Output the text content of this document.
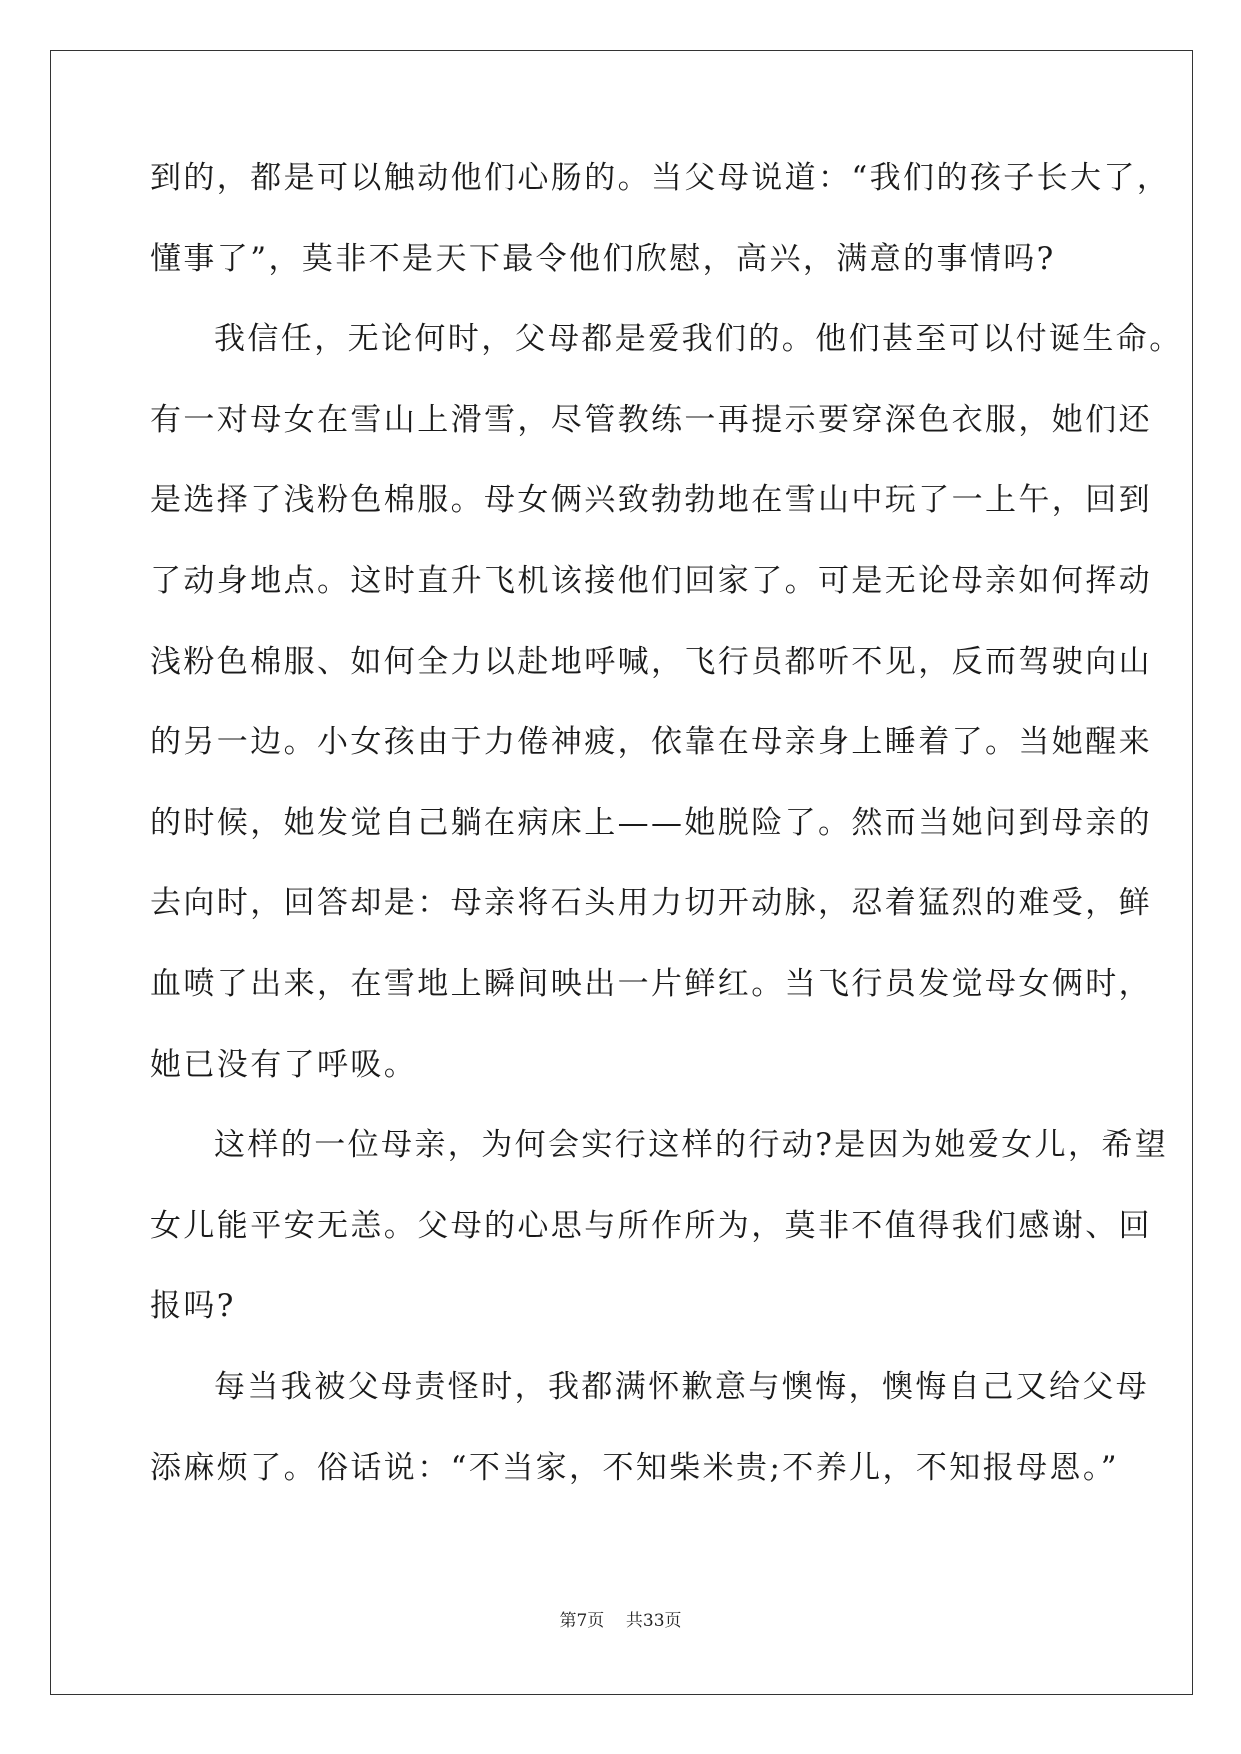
到的，都是可以触动他们心肠的。当父母说道：“我们的孩子长大了，
懂事了”，莫非不是天下最令他们欣慰，高兴，满意的事情吗?
我信任，无论何时，父母都是爱我们的。他们甚至可以付诞生命。
有一对母女在雪山上滑雪，尽管教练一再提示要穿深色衣服，她们还
是选择了浅粉色棉服。母女俩兴致勃勃地在雪山中玩了一上午，回到
了动身地点。这时直升飞机该接他们回家了。可是无论母亲如何挥动
浅粉色棉服、如何全力以赴地呼喊，飞行员都听不见，反而驾驶向山
的另一边。小女孩由于力倦神疲，依靠在母亲身上睡着了。当她醒来
的时候，她发觉自己躺在病床上——她脱险了。然而当她问到母亲的
去向时，回答却是：母亲将石头用力切开动脉，忍着猛烈的难受，鲜
血喷了出来，在雪地上瞬间映出一片鲜红。当飞行员发觉母女俩时，
她已没有了呼吸。
这样的一位母亲，为何会实行这样的行动?是因为她爱女儿，希望
女儿能平安无恙。父母的心思与所作所为，莫非不值得我们感谢、回
报吗?
每当我被父母责怪时，我都满怀歉意与懊悔，懊悔自己又给父母
添麻烦了。俗话说：“不当家，不知柴米贵;不养儿，不知报母恩。”
第7页 共33页
